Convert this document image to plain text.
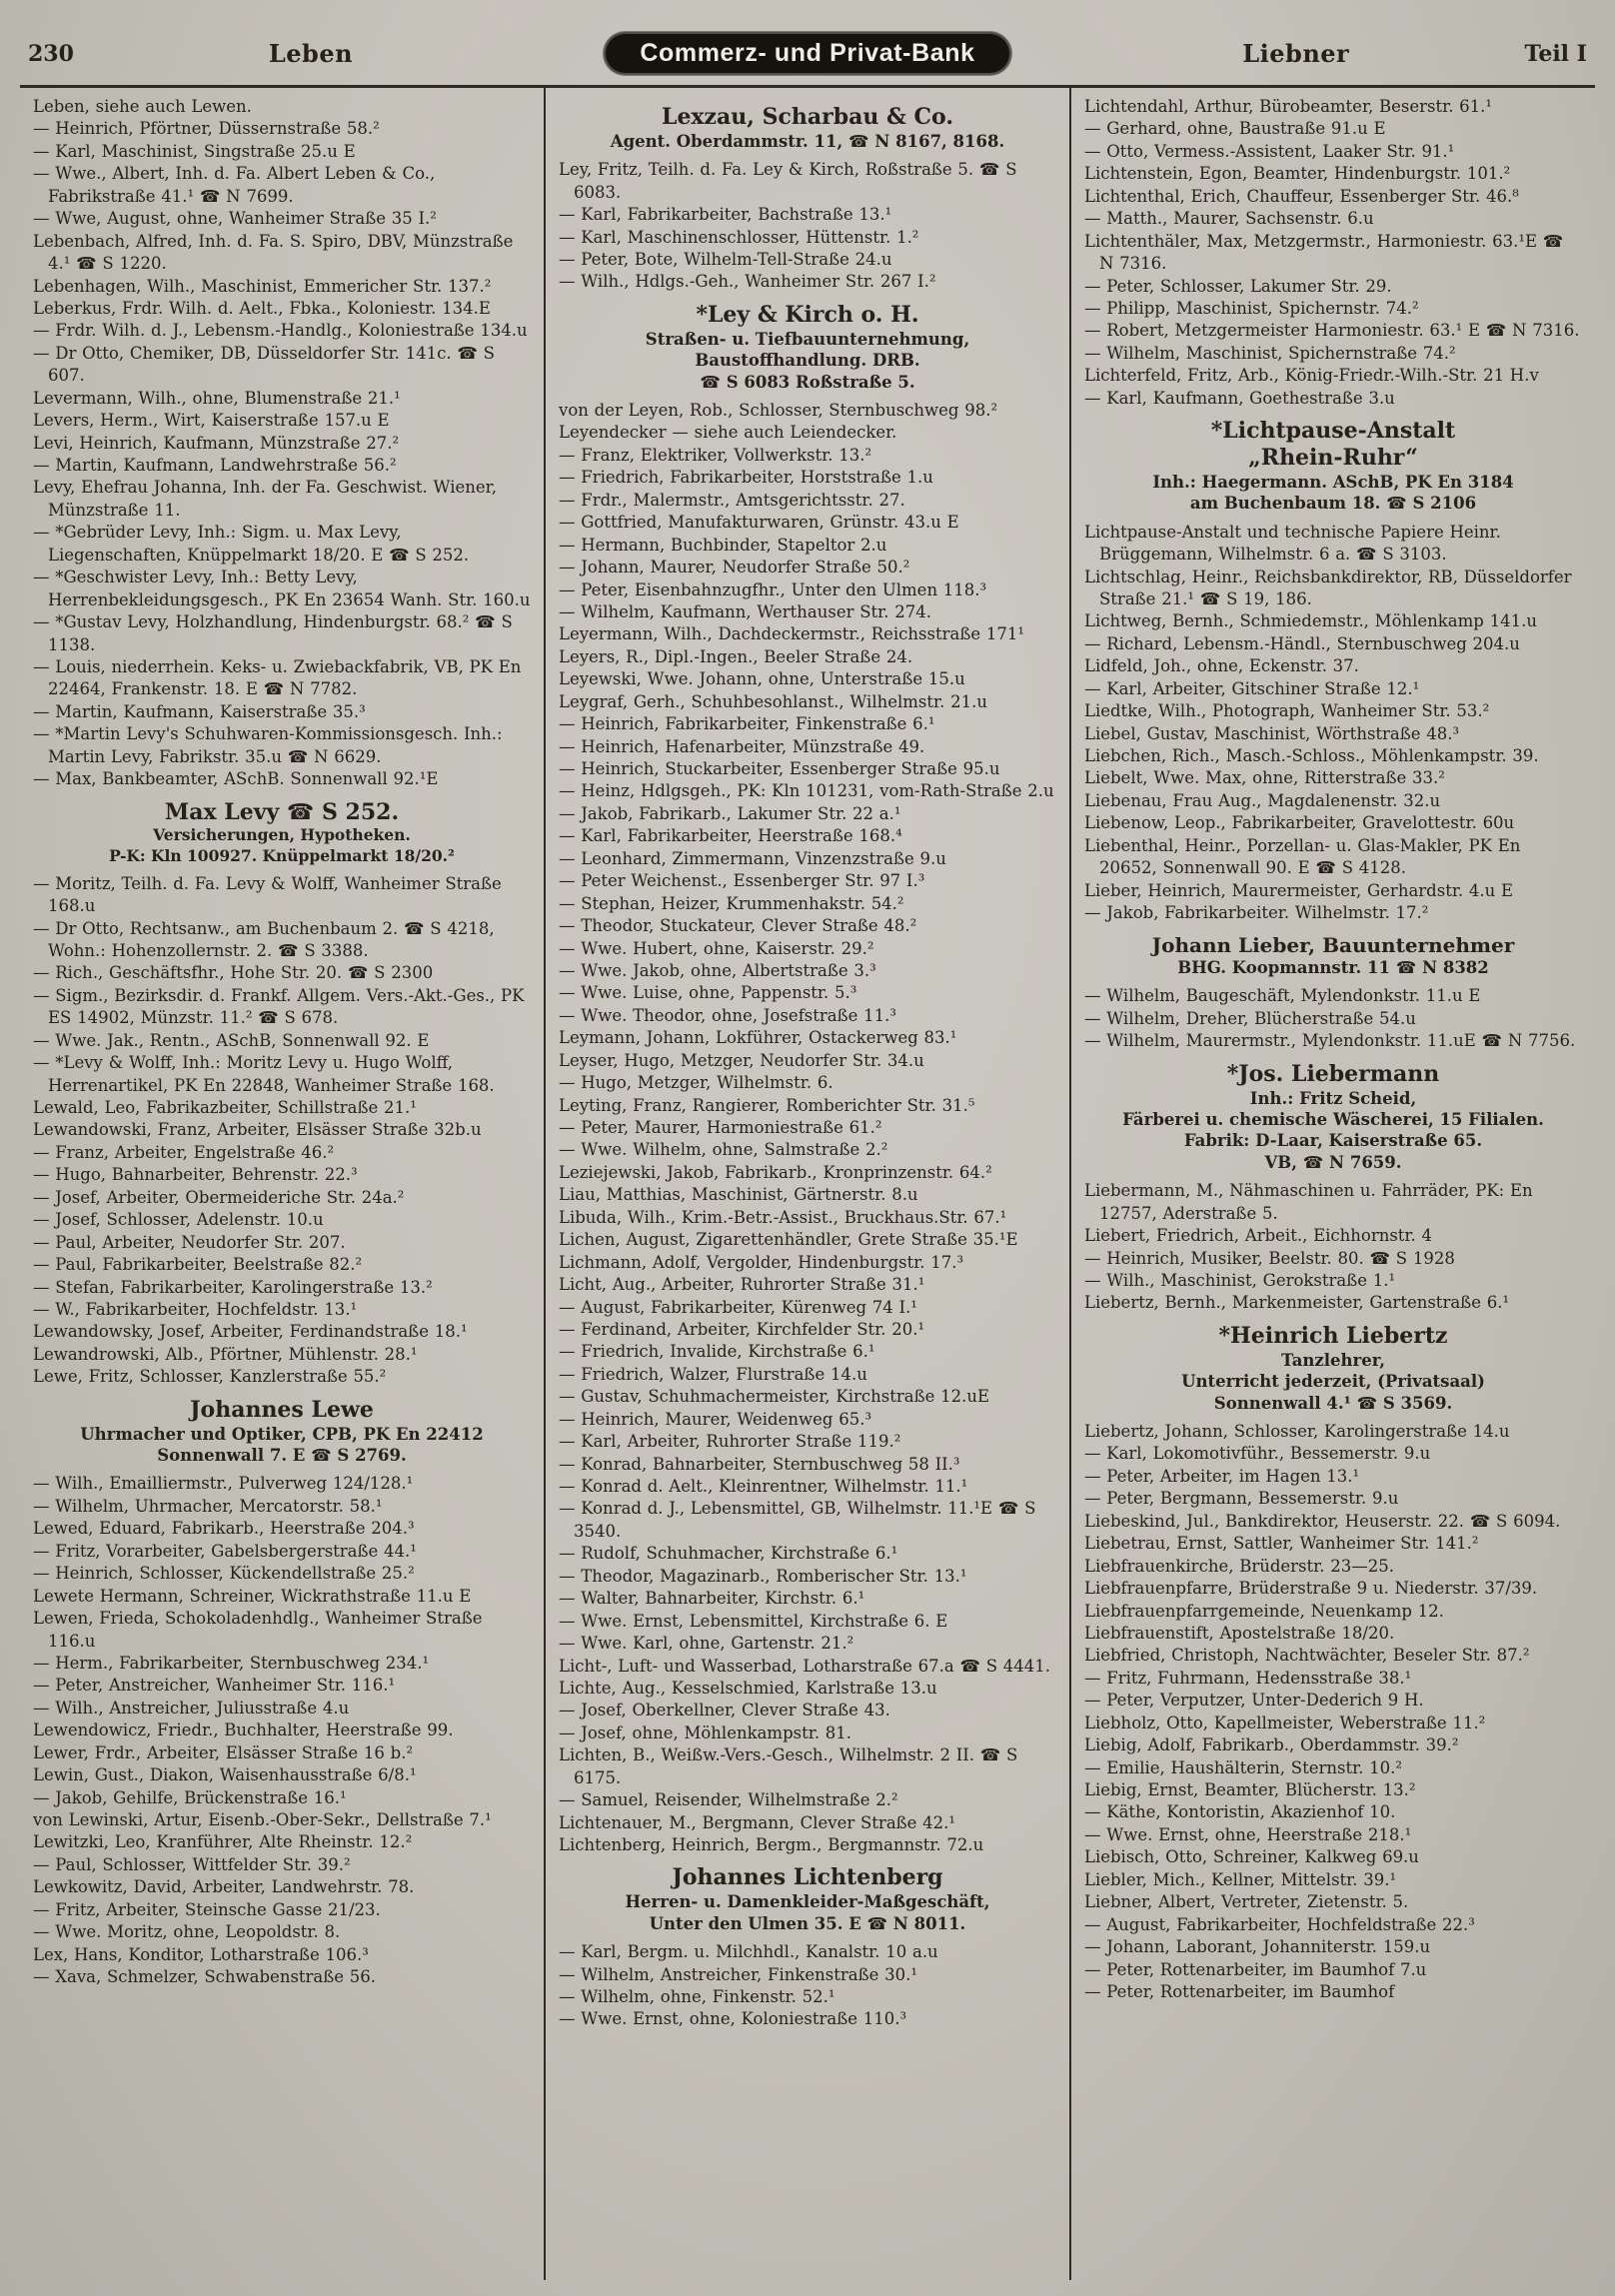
230	Leben	Commerz- und Privat-Bank	Liebner	Teil I
Leben, siehe auch Lewen.
— Heinrich, Pförtner, Düssernstraße 58.²
— Karl, Maschinist, Singstraße 25.u E
— Wwe., Albert, Inh. d. Fa. Albert Leben & Co., Fabrikstraße 41.¹ ☎ N 7699.
— Wwe, August, ohne, Wanheimer Straße 35 I.²
Lebenbach, Alfred, Inh. d. Fa. S. Spiro, DBV, Münzstraße 4.¹ ☎ S 1220.
Lebenhagen, Wilh., Maschinist, Emmericher Str. 137.²
Leberkus, Frdr. Wilh. d. Aelt., Fbka., Koloniestr. 134.E
— Frdr. Wilh. d. J., Lebensm.-Handlg., Koloniestraße 134.u
— Dr Otto, Chemiker, DB, Düsseldorfer Str. 141c. ☎ S 607.
Levermann, Wilh., ohne, Blumenstraße 21.¹
Levers, Herm., Wirt, Kaiserstraße 157.u E
Levi, Heinrich, Kaufmann, Münzstraße 27.²
— Martin, Kaufmann, Landwehrstraße 56.²
Levy, Ehefrau Johanna, Inh. der Fa. Geschwist. Wiener, Münzstraße 11.
— *Gebrüder Levy, Inh.: Sigm. u. Max Levy, Liegenschaften, Knüppelmarkt 18/20. E ☎ S 252.
— *Geschwister Levy, Inh.: Betty Levy, Herrenbekleidungsgesch., PK En 23654 Wanh. Str. 160.u
— *Gustav Levy, Holzhandlung, Hindenburgstr. 68.² ☎ S 1138.
— Louis, niederrhein. Keks- u. Zwiebackfabrik, VB, PK En 22464, Frankenstr. 18. E ☎ N 7782.
— Martin, Kaufmann, Kaiserstraße 35.³
— *Martin Levy's Schuhwaren-Kommissionsgesch. Inh.: Martin Levy, Fabrikstr. 35.u ☎ N 6629.
— Max, Bankbeamter, ASchB. Sonnenwall 92.¹E
Max Levy ☎ S 252.
Versicherungen, Hypotheken.
P-K: Kln 100927. Knüppelmarkt 18/20.²
— Moritz, Teilh. d. Fa. Levy & Wolff, Wanheimer Straße 168.u
— Dr Otto, Rechtsanw., am Buchenbaum 2. ☎ S 4218, Wohn.: Hohenzollernstr. 2. ☎ S 3388.
— Rich., Geschäftsfhr., Hohe Str. 20. ☎ S 2300
— Sigm., Bezirksdir. d. Frankf. Allgem. Vers.-Akt.-Ges., PK ES 14902, Münzstr. 11.² ☎ S 678.
— Wwe. Jak., Rentn., ASchB, Sonnenwall 92. E
— *Levy & Wolff, Inh.: Moritz Levy u. Hugo Wolff, Herrenartikel, PK En 22848, Wanheimer Straße 168.
Lewald, Leo, Fabrikazbeiter, Schillstraße 21.¹
Lewandowski, Franz, Arbeiter, Elsässer Straße 32b.u
— Franz, Arbeiter, Engelstraße 46.²
— Hugo, Bahnarbeiter, Behrenstr. 22.³
— Josef, Arbeiter, Obermeideriche Str. 24a.²
— Josef, Schlosser, Adelenstr. 10.u
— Paul, Arbeiter, Neudorfer Str. 207.
— Paul, Fabrikarbeiter, Beelstraße 82.²
— Stefan, Fabrikarbeiter, Karolingerstraße 13.²
— W., Fabrikarbeiter, Hochfeldstr. 13.¹
Lewandowsky, Josef, Arbeiter, Ferdinandstraße 18.¹
Lewandrowski, Alb., Pförtner, Mühlenstr. 28.¹
Lewe, Fritz, Schlosser, Kanzlerstraße 55.²
Johannes Lewe
Uhrmacher und Optiker, CPB, PK En 22412
Sonnenwall 7. E ☎ S 2769.
— Wilh., Emailliermstr., Pulverweg 124/128.¹
— Wilhelm, Uhrmacher, Mercatorstr. 58.¹
Lewed, Eduard, Fabrikarb., Heerstraße 204.³
— Fritz, Vorarbeiter, Gabelsbergerstraße 44.¹
— Heinrich, Schlosser, Kückendellstraße 25.²
Lewete Hermann, Schreiner, Wickrathstraße 11.u E
Lewen, Frieda, Schokoladenhdlg., Wanheimer Straße 116.u
— Herm., Fabrikarbeiter, Sternbuschweg 234.¹
— Peter, Anstreicher, Wanheimer Str. 116.¹
— Wilh., Anstreicher, Juliusstraße 4.u
Lewendowicz, Friedr., Buchhalter, Heerstraße 99.
Lewer, Frdr., Arbeiter, Elsässer Straße 16 b.²
Lewin, Gust., Diakon, Waisenhausstraße 6/8.¹
— Jakob, Gehilfe, Brückenstraße 16.¹
von Lewinski, Artur, Eisenb.-Ober-Sekr., Dellstraße 7.¹
Lewitzki, Leo, Kranführer, Alte Rheinstr. 12.²
— Paul, Schlosser, Wittfelder Str. 39.²
Lewkowitz, David, Arbeiter, Landwehrstr. 78.
— Fritz, Arbeiter, Steinsche Gasse 21/23.
— Wwe. Moritz, ohne, Leopoldstr. 8.
Lex, Hans, Konditor, Lotharstraße 106.³
— Xava, Schmelzer, Schwabenstraße 56.
Lexzau, Scharbau & Co.
Agent. Oberdammstr. 11, ☎ N 8167, 8168.
Ley, Fritz, Teilh. d. Fa. Ley & Kirch, Roßstraße 5. ☎ S 6083.
— Karl, Fabrikarbeiter, Bachstraße 13.¹
— Karl, Maschinenschlosser, Hüttenstr. 1.²
— Peter, Bote, Wilhelm-Tell-Straße 24.u
— Wilh., Hdlgs.-Geh., Wanheimer Str. 267 I.²
*Ley & Kirch o. H.
Straßen- u. Tiefbauunternehmung,
Baustoffhandlung. DRB.
☎ S 6083 Roßstraße 5.
von der Leyen, Rob., Schlosser, Sternbuschweg 98.²
Leyendecker — siehe auch Leiendecker.
— Franz, Elektriker, Vollwerkstr. 13.²
— Friedrich, Fabrikarbeiter, Horststraße 1.u
— Frdr., Malermstr., Amtsgerichtsstr. 27.
— Gottfried, Manufakturwaren, Grünstr. 43.u E
— Hermann, Buchbinder, Stapeltor 2.u
— Johann, Maurer, Neudorfer Straße 50.²
— Peter, Eisenbahnzugfhr., Unter den Ulmen 118.³
— Wilhelm, Kaufmann, Werthauser Str. 274.
Leyermann, Wilh., Dachdeckermstr., Reichsstraße 171¹
Leyers, R., Dipl.-Ingen., Beeler Straße 24.
Leyewski, Wwe. Johann, ohne, Unterstraße 15.u
Leygraf, Gerh., Schuhbesohlanst., Wilhelmstr. 21.u
— Heinrich, Fabrikarbeiter, Finkenstraße 6.¹
— Heinrich, Hafenarbeiter, Münzstraße 49.
— Heinrich, Stuckarbeiter, Essenberger Straße 95.u
— Heinz, Hdlgsgeh., PK: Kln 101231, vom-Rath-Straße 2.u
— Jakob, Fabrikarb., Lakumer Str. 22 a.¹
— Karl, Fabrikarbeiter, Heerstraße 168.⁴
— Leonhard, Zimmermann, Vinzenzstraße 9.u
— Peter Weichenst., Essenberger Str. 97 I.³
— Stephan, Heizer, Krummenhakstr. 54.²
— Theodor, Stuckateur, Clever Straße 48.²
— Wwe. Hubert, ohne, Kaiserstr. 29.²
— Wwe. Jakob, ohne, Albertstraße 3.³
— Wwe. Luise, ohne, Pappenstr. 5.³
— Wwe. Theodor, ohne, Josefstraße 11.³
Leymann, Johann, Lokführer, Ostackerweg 83.¹
Leyser, Hugo, Metzger, Neudorfer Str. 34.u
— Hugo, Metzger, Wilhelmstr. 6.
Leyting, Franz, Rangierer, Romberichter Str. 31.⁵
— Peter, Maurer, Harmoniestraße 61.²
— Wwe. Wilhelm, ohne, Salmstraße 2.²
Leziejewski, Jakob, Fabrikarb., Kronprinzenstr. 64.²
Liau, Matthias, Maschinist, Gärtnerstr. 8.u
Libuda, Wilh., Krim.-Betr.-Assist., Bruckhaus.Str. 67.¹
Lichen, August, Zigarettenhändler, Grete Straße 35.¹E
Lichmann, Adolf, Vergolder, Hindenburgstr. 17.³
Licht, Aug., Arbeiter, Ruhrorter Straße 31.¹
— August, Fabrikarbeiter, Kürenweg 74 I.¹
— Ferdinand, Arbeiter, Kirchfelder Str. 20.¹
— Friedrich, Invalide, Kirchstraße 6.¹
— Friedrich, Walzer, Flurstraße 14.u
— Gustav, Schuhmachermeister, Kirchstraße 12.uE
— Heinrich, Maurer, Weidenweg 65.³
— Karl, Arbeiter, Ruhrorter Straße 119.²
— Konrad, Bahnarbeiter, Sternbuschweg 58 II.³
— Konrad d. Aelt., Kleinrentner, Wilhelmstr. 11.¹
— Konrad d. J., Lebensmittel, GB, Wilhelmstr. 11.¹E ☎ S 3540.
— Rudolf, Schuhmacher, Kirchstraße 6.¹
— Theodor, Magazinarb., Romberischer Str. 13.¹
— Walter, Bahnarbeiter, Kirchstr. 6.¹
— Wwe. Ernst, Lebensmittel, Kirchstraße 6. E
— Wwe. Karl, ohne, Gartenstr. 21.²
Licht-, Luft- und Wasserbad, Lotharstraße 67.a ☎ S 4441.
Lichte, Aug., Kesselschmied, Karlstraße 13.u
— Josef, Oberkellner, Clever Straße 43.
— Josef, ohne, Möhlenkampstr. 81.
Lichten, B., Weißw.-Vers.-Gesch., Wilhelmstr. 2 II. ☎ S 6175.
— Samuel, Reisender, Wilhelmstraße 2.²
Lichtenauer, M., Bergmann, Clever Straße 42.¹
Lichtenberg, Heinrich, Bergm., Bergmannstr. 72.u
Johannes Lichtenberg
Herren- u. Damenkleider-Maßgeschäft,
Unter den Ulmen 35. E ☎ N 8011.
— Karl, Bergm. u. Milchhdl., Kanalstr. 10 a.u
— Wilhelm, Anstreicher, Finkenstraße 30.¹
— Wilhelm, ohne, Finkenstr. 52.¹
— Wwe. Ernst, ohne, Koloniestraße 110.³
Lichtendahl, Arthur, Bürobeamter, Beserstr. 61.¹
— Gerhard, ohne, Baustraße 91.u E
— Otto, Vermess.-Assistent, Laaker Str. 91.¹
Lichtenstein, Egon, Beamter, Hindenburgstr. 101.²
Lichtenthal, Erich, Chauffeur, Essenberger Str. 46.⁸
— Matth., Maurer, Sachsenstr. 6.u
Lichtenthäler, Max, Metzgermstr., Harmoniestr. 63.¹E ☎ N 7316.
— Peter, Schlosser, Lakumer Str. 29.
— Philipp, Maschinist, Spichernstr. 74.²
— Robert, Metzgermeister Harmoniestr. 63.¹ E ☎ N 7316.
— Wilhelm, Maschinist, Spichernstraße 74.²
Lichterfeld, Fritz, Arb., König-Friedr.-Wilh.-Str. 21 H.v
— Karl, Kaufmann, Goethestraße 3.u
*Lichtpause-Anstalt
„Rhein-Ruhr“
Inh.: Haegermann. ASchB, PK En 3184
am Buchenbaum 18. ☎ S 2106
Lichtpause-Anstalt und technische Papiere Heinr. Brüggemann, Wilhelmstr. 6 a. ☎ S 3103.
Lichtschlag, Heinr., Reichsbankdirektor, RB, Düsseldorfer Straße 21.¹ ☎ S 19, 186.
Lichtweg, Bernh., Schmiedemstr., Möhlenkamp 141.u
— Richard, Lebensm.-Händl., Sternbuschweg 204.u
Lidfeld, Joh., ohne, Eckenstr. 37.
— Karl, Arbeiter, Gitschiner Straße 12.¹
Liedtke, Wilh., Photograph, Wanheimer Str. 53.²
Liebel, Gustav, Maschinist, Wörthstraße 48.³
Liebchen, Rich., Masch.-Schloss., Möhlenkampstr. 39.
Liebelt, Wwe. Max, ohne, Ritterstraße 33.²
Liebenau, Frau Aug., Magdalenenstr. 32.u
Liebenow, Leop., Fabrikarbeiter, Gravelottestr. 60u
Liebenthal, Heinr., Porzellan- u. Glas-Makler, PK En 20652, Sonnenwall 90. E ☎ S 4128.
Lieber, Heinrich, Maurermeister, Gerhardstr. 4.u E
— Jakob, Fabrikarbeiter. Wilhelmstr. 17.²
Johann Lieber, Bauunternehmer
BHG. Koopmannstr. 11 ☎ N 8382
— Wilhelm, Baugeschäft, Mylendonkstr. 11.u E
— Wilhelm, Dreher, Blücherstraße 54.u
— Wilhelm, Maurermstr., Mylendonkstr. 11.uE ☎ N 7756.
*Jos. Liebermann
Inh.: Fritz Scheid,
Färberei u. chemische Wäscherei, 15 Filialen.
Fabrik: D-Laar, Kaiserstraße 65.
VB, ☎ N 7659.
Liebermann, M., Nähmaschinen u. Fahrräder, PK: En 12757, Aderstraße 5.
Liebert, Friedrich, Arbeit., Eichhornstr. 4
— Heinrich, Musiker, Beelstr. 80. ☎ S 1928
— Wilh., Maschinist, Gerokstraße 1.¹
Liebertz, Bernh., Markenmeister, Gartenstraße 6.¹
*Heinrich Liebertz
Tanzlehrer,
Unterricht jederzeit, (Privatsaal)
Sonnenwall 4.¹ ☎ S 3569.
Liebertz, Johann, Schlosser, Karolingerstraße 14.u
— Karl, Lokomotivführ., Bessemerstr. 9.u
— Peter, Arbeiter, im Hagen 13.¹
— Peter, Bergmann, Bessemerstr. 9.u
Liebeskind, Jul., Bankdirektor, Heuserstr. 22. ☎ S 6094.
Liebetrau, Ernst, Sattler, Wanheimer Str. 141.²
Liebfrauenkirche, Brüderstr. 23—25.
Liebfrauenpfarre, Brüderstraße 9 u. Niederstr. 37/39.
Liebfrauenpfarrgemeinde, Neuenkamp 12.
Liebfrauenstift, Apostelstraße 18/20.
Liebfried, Christoph, Nachtwächter, Beseler Str. 87.²
— Fritz, Fuhrmann, Hedensstraße 38.¹
— Peter, Verputzer, Unter-Dederich 9 H.
Liebholz, Otto, Kapellmeister, Weberstraße 11.²
Liebig, Adolf, Fabrikarb., Oberdammstr. 39.²
— Emilie, Haushälterin, Sternstr. 10.²
Liebig, Ernst, Beamter, Blücherstr. 13.²
— Käthe, Kontoristin, Akazienhof 10.
— Wwe. Ernst, ohne, Heerstraße 218.¹
Liebisch, Otto, Schreiner, Kalkweg 69.u
Liebler, Mich., Kellner, Mittelstr. 39.¹
Liebner, Albert, Vertreter, Zietenstr. 5.
— August, Fabrikarbeiter, Hochfeldstraße 22.³
— Johann, Laborant, Johanniterstr. 159.u
— Peter, Rottenarbeiter, im Baumhof 7.u
— Peter, Rottenarbeiter, im Baumhof
